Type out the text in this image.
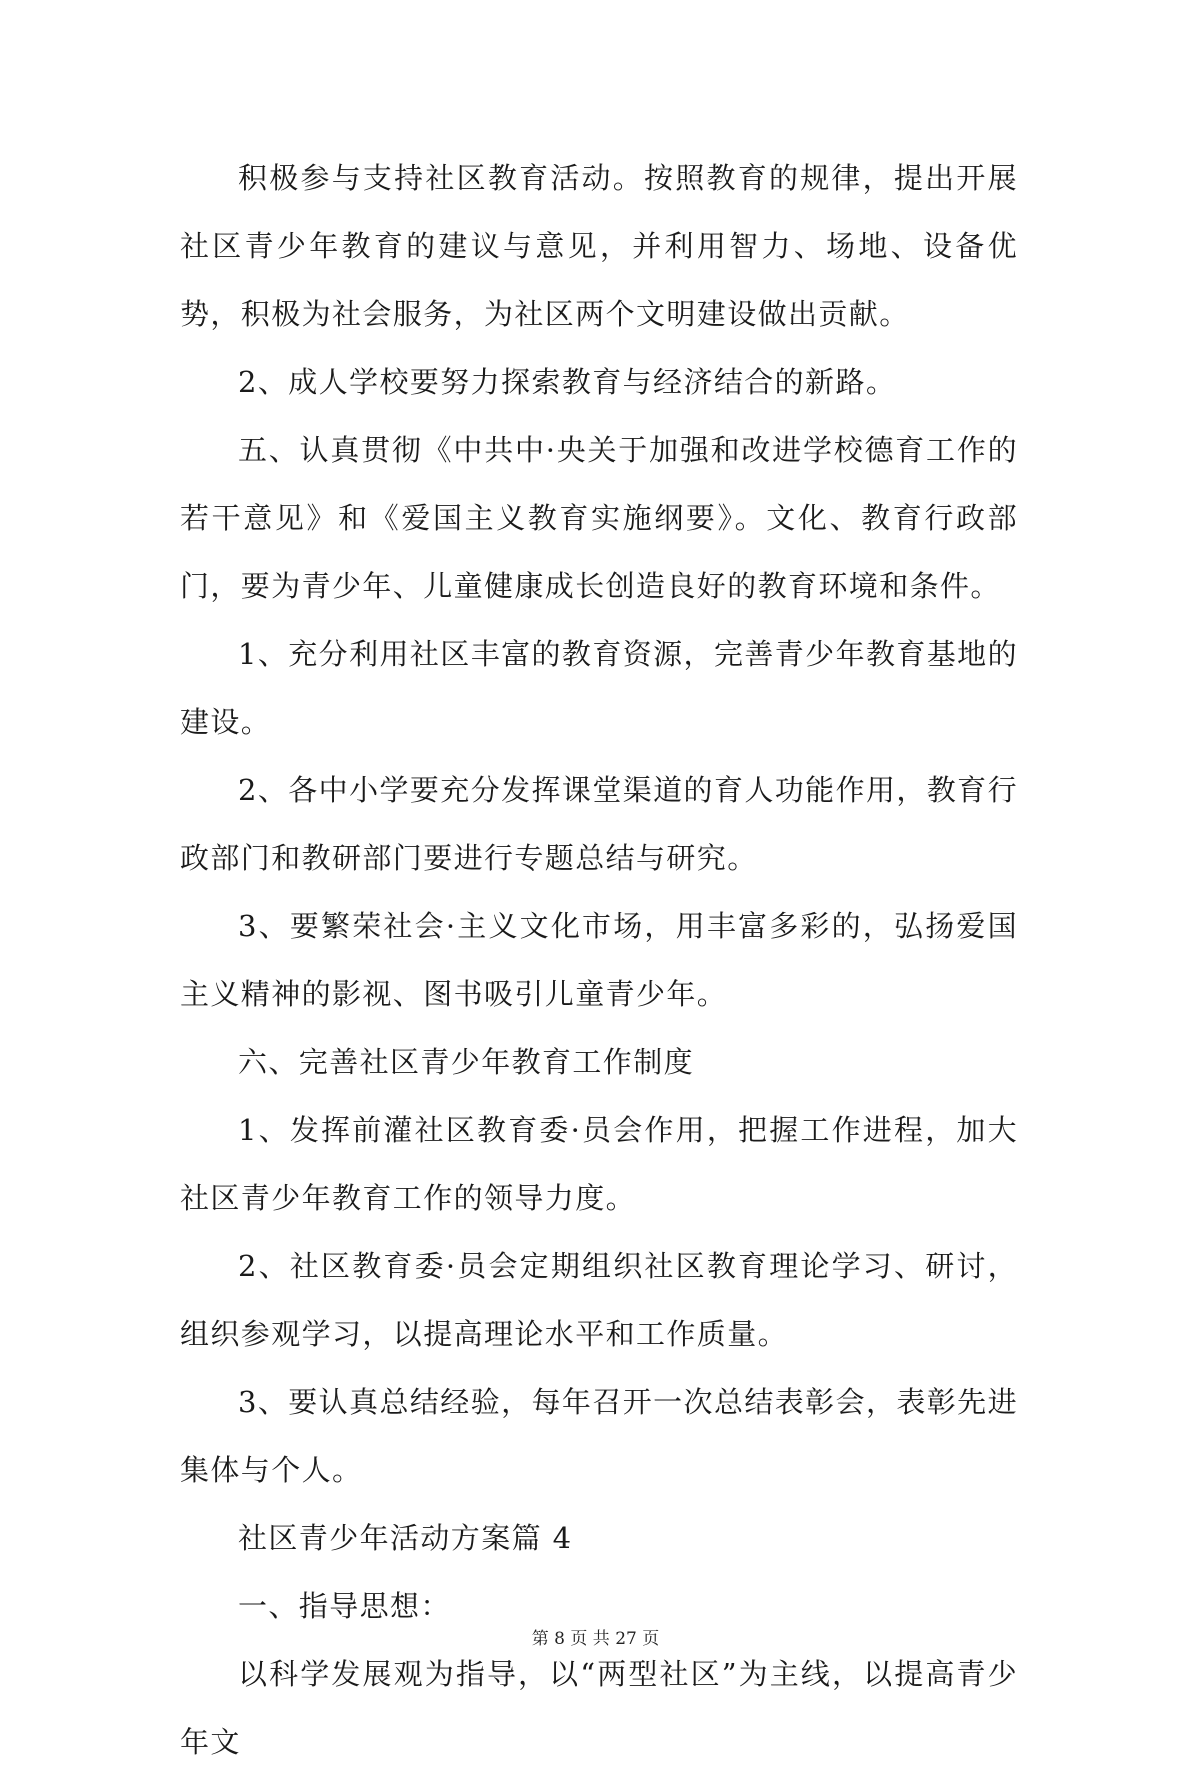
积极参与支持社区教育活动。按照教育的规律，提出开展社区青少年教育的建议与意见，并利用智力、场地、设备优势，积极为社会服务，为社区两个文明建设做出贡献。

2、成人学校要努力探索教育与经济结合的新路。

五、认真贯彻《中共中·央关于加强和改进学校德育工作的若干意见》和《爱国主义教育实施纲要》。文化、教育行政部门，要为青少年、儿童健康成长创造良好的教育环境和条件。

1、充分利用社区丰富的教育资源，完善青少年教育基地的建设。

2、各中小学要充分发挥课堂渠道的育人功能作用，教育行政部门和教研部门要进行专题总结与研究。

3、要繁荣社会·主义文化市场，用丰富多彩的，弘扬爱国主义精神的影视、图书吸引儿童青少年。

六、完善社区青少年教育工作制度

1、发挥前灌社区教育委·员会作用，把握工作进程，加大社区青少年教育工作的领导力度。

2、社区教育委·员会定期组织社区教育理论学习、研讨，组织参观学习，以提高理论水平和工作质量。

3、要认真总结经验，每年召开一次总结表彰会，表彰先进集体与个人。

社区青少年活动方案篇 4

一、指导思想：

以科学发展观为指导，以“两型社区”为主线，以提高青少年文

第 8 页 共 27 页
